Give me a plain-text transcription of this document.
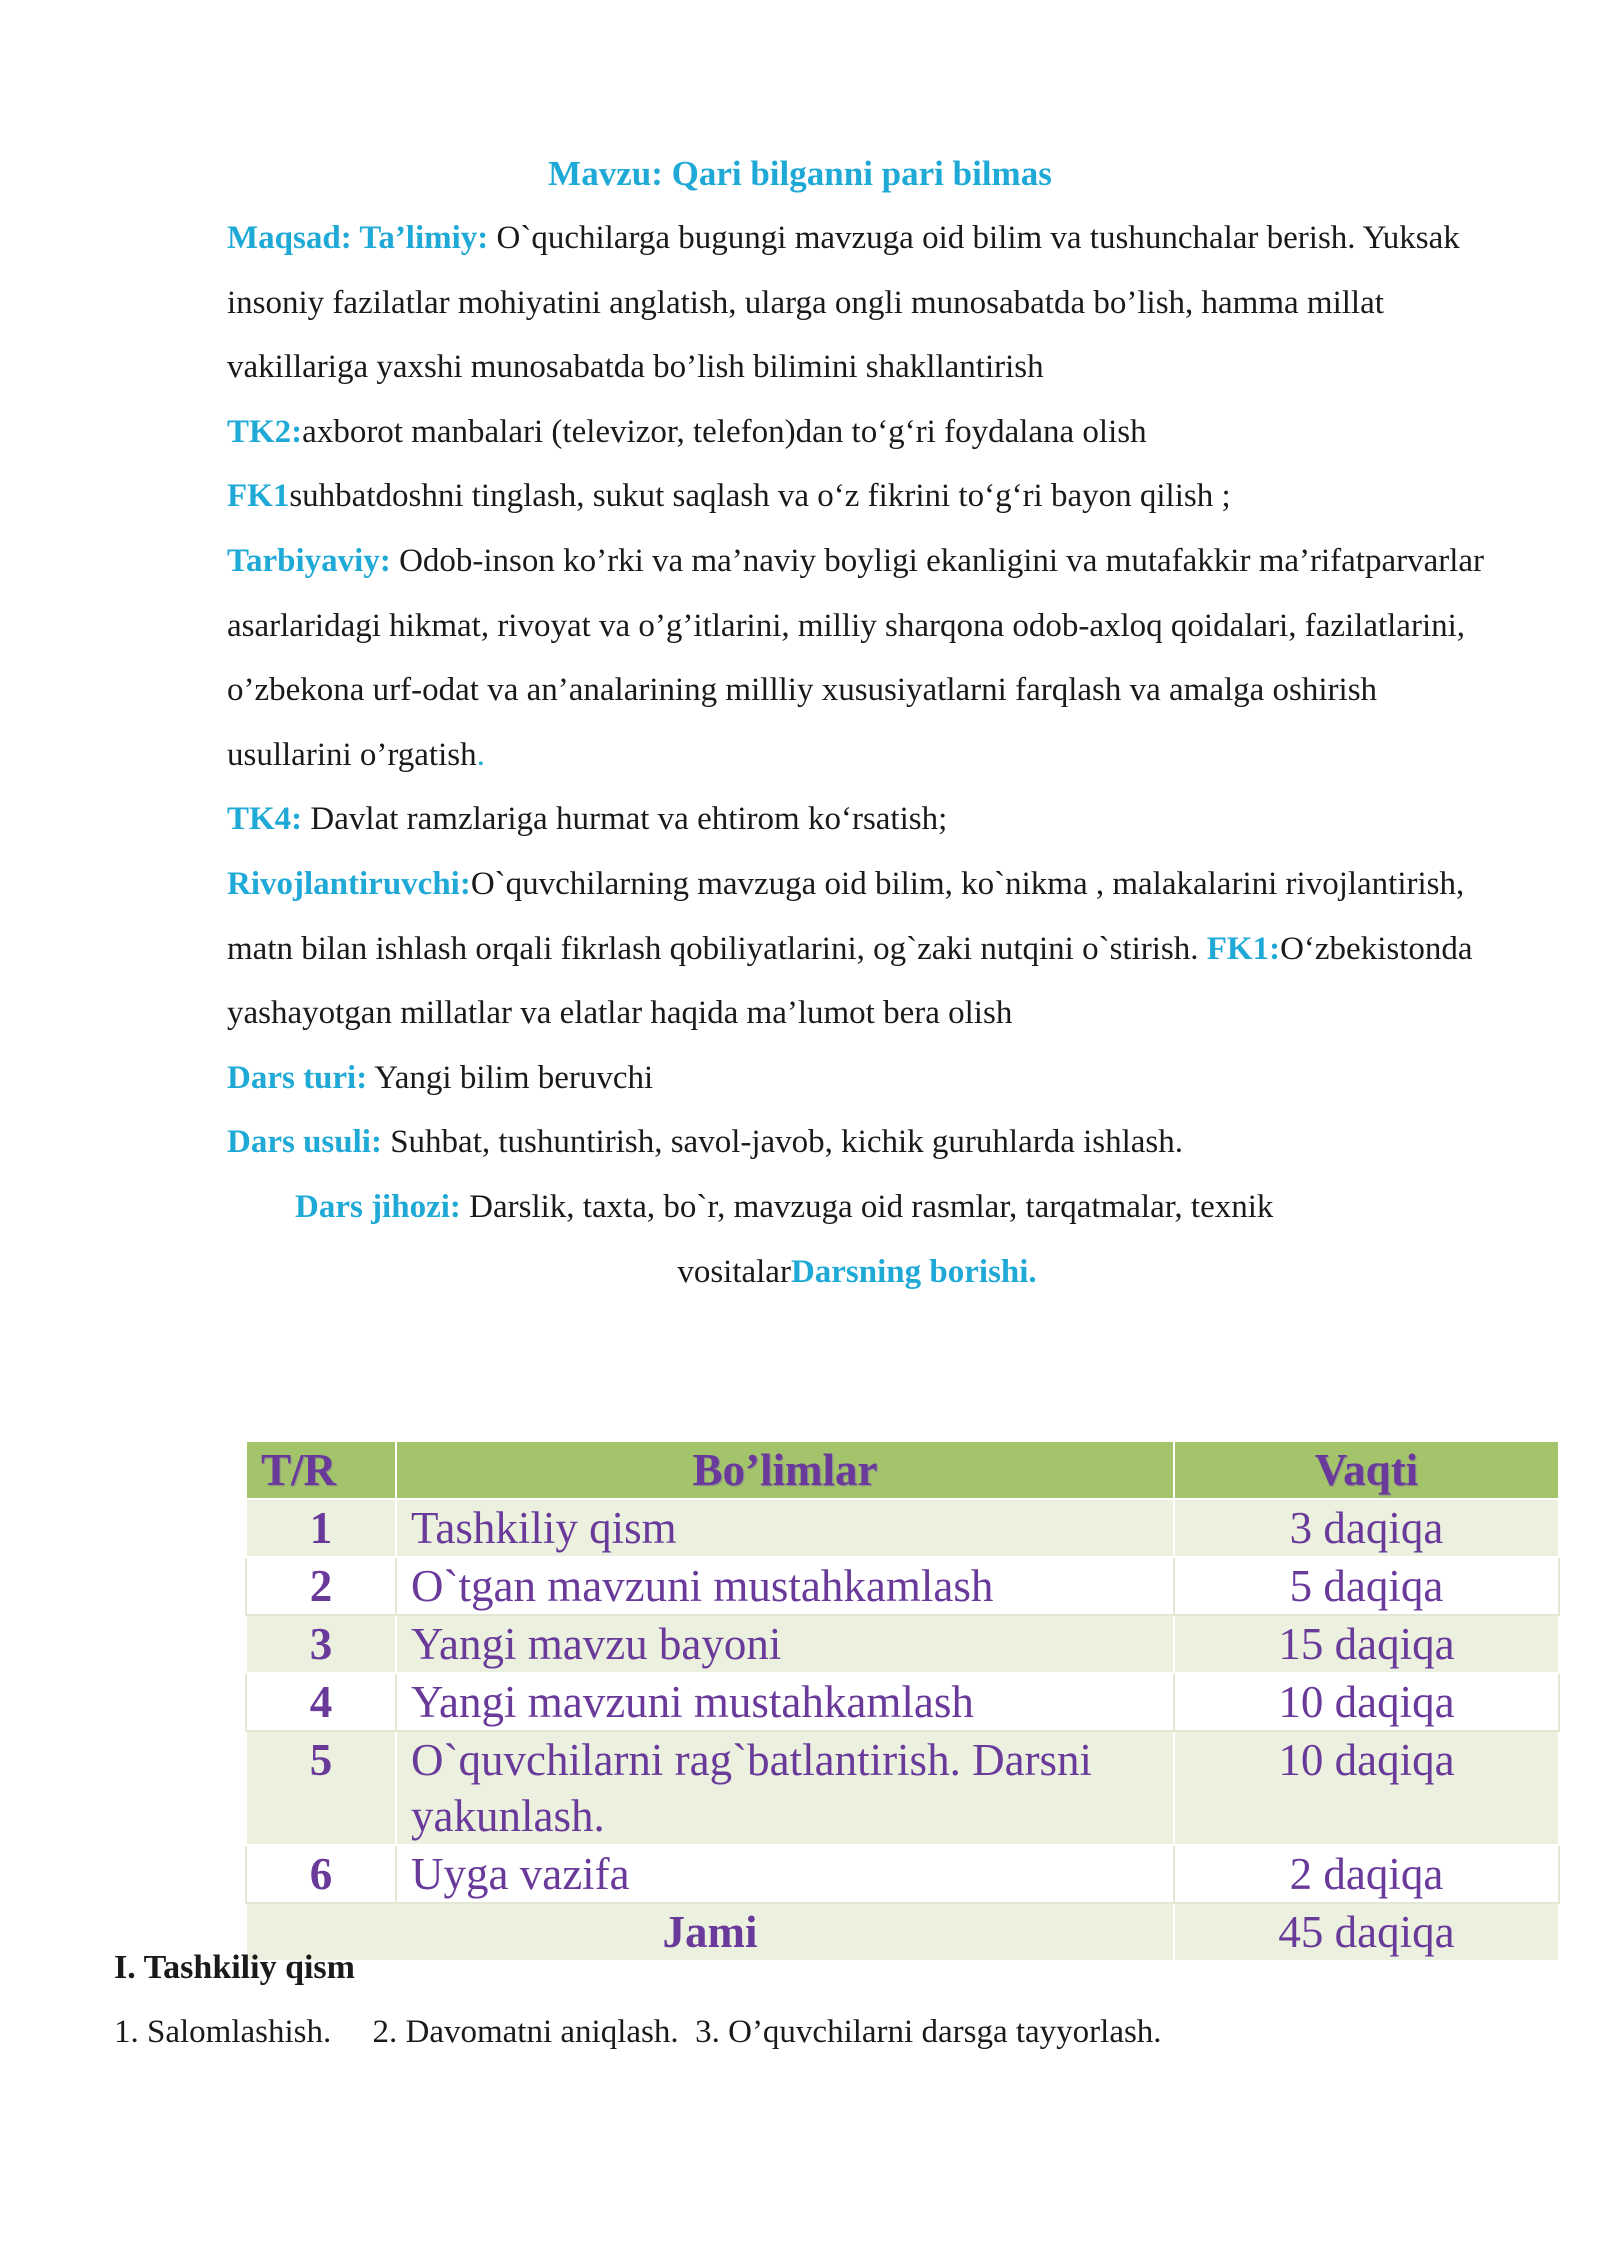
Mavzu: Qari bilganni pari bilmas

Maqsad: Ta’limiy: O`quchilarga bugungi mavzuga oid bilim va tushunchalar berish. Yuksak insoniy fazilatlar mohiyatini anglatish, ularga ongli munosabatda bo’lish, hamma millat vakillariga yaxshi munosabatda bo’lish bilimini shakllantirish

TK2:axborot manbalari (televizor, telefon)dan to‘g‘ri foydalana olish

FK1suhbatdoshni tinglash, sukut saqlash va o‘z fikrini to‘g‘ri bayon qilish ;

Tarbiyaviy: Odob-inson ko’rki va ma’naviy boyligi ekanligini va mutafakkir ma’rifatparvarlar asarlaridagi hikmat, rivoyat va o’g’itlarini, milliy sharqona odob-axloq qoidalari, fazilatlarini, o’zbekona urf-odat va an’analarining millliy xususiyatlarni farqlash va amalga oshirish usullarini o’rgatish.

TK4: Davlat ramzlariga hurmat va ehtirom ko‘rsatish;

Rivojlantiruvchi:O`quvchilarning mavzuga oid bilim, ko`nikma , malakalarini rivojlantirish, matn bilan ishlash orqali fikrlash qobiliyatlarini, og`zaki nutqini o`stirish. FK1:O‘zbekistonda yashayotgan millatlar va elatlar haqida ma’lumot bera olish

Dars turi: Yangi bilim beruvchi

Dars usuli: Suhbat, tushuntirish, savol-javob, kichik guruhlarda ishlash.

Dars jihozi: Darslik, taxta, bo`r, mavzuga oid rasmlar, tarqatmalar, texnik

vositalarDarsning borishi.

T/R	Bo’limlar	Vaqti
1	Tashkiliy qism	3 daqiqa
2	O`tgan mavzuni mustahkamlash	5 daqiqa
3	Yangi mavzu bayoni	15 daqiqa
4	Yangi mavzuni mustahkamlash	10 daqiqa
5	O`quvchilarni rag`batlantirish. Darsni yakunlash.	10 daqiqa
6	Uyga vazifa	2 daqiqa
Jami		45 daqiqa
I. Tashkiliy qism
1. Salomlashish.     2. Davomatni aniqlash.  3. O’quvchilarni darsga tayyorlash.
